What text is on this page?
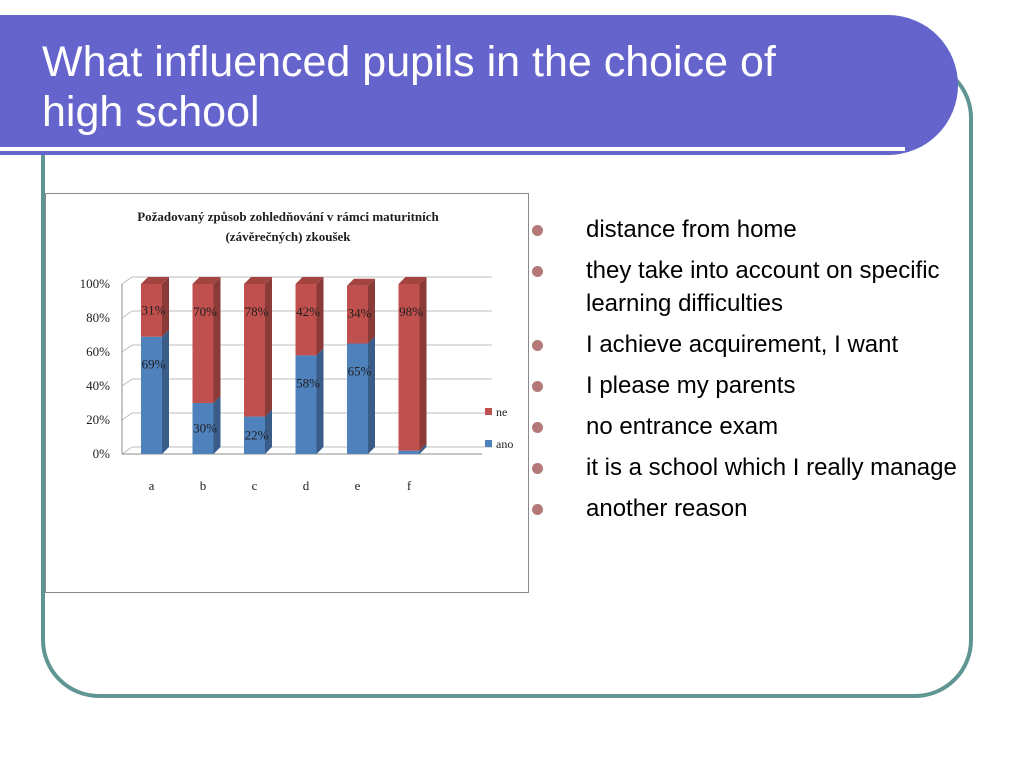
What influenced pupils in the choice of
high school
Požadovaný způsob zohledňování v rámci maturitních
(závěrečných) zkoušek
0%
20%
40%
60%
80%
100%
69%
31%
a
30%
70%
b
22%
78%
c
58%
42%
d
65%
34%
e
98%
f
ne
ano
distance from home
they take into account on specific learning difficulties
I achieve acquirement, I want
I please my parents
no entrance exam
it is a school which I really manage
another reason
